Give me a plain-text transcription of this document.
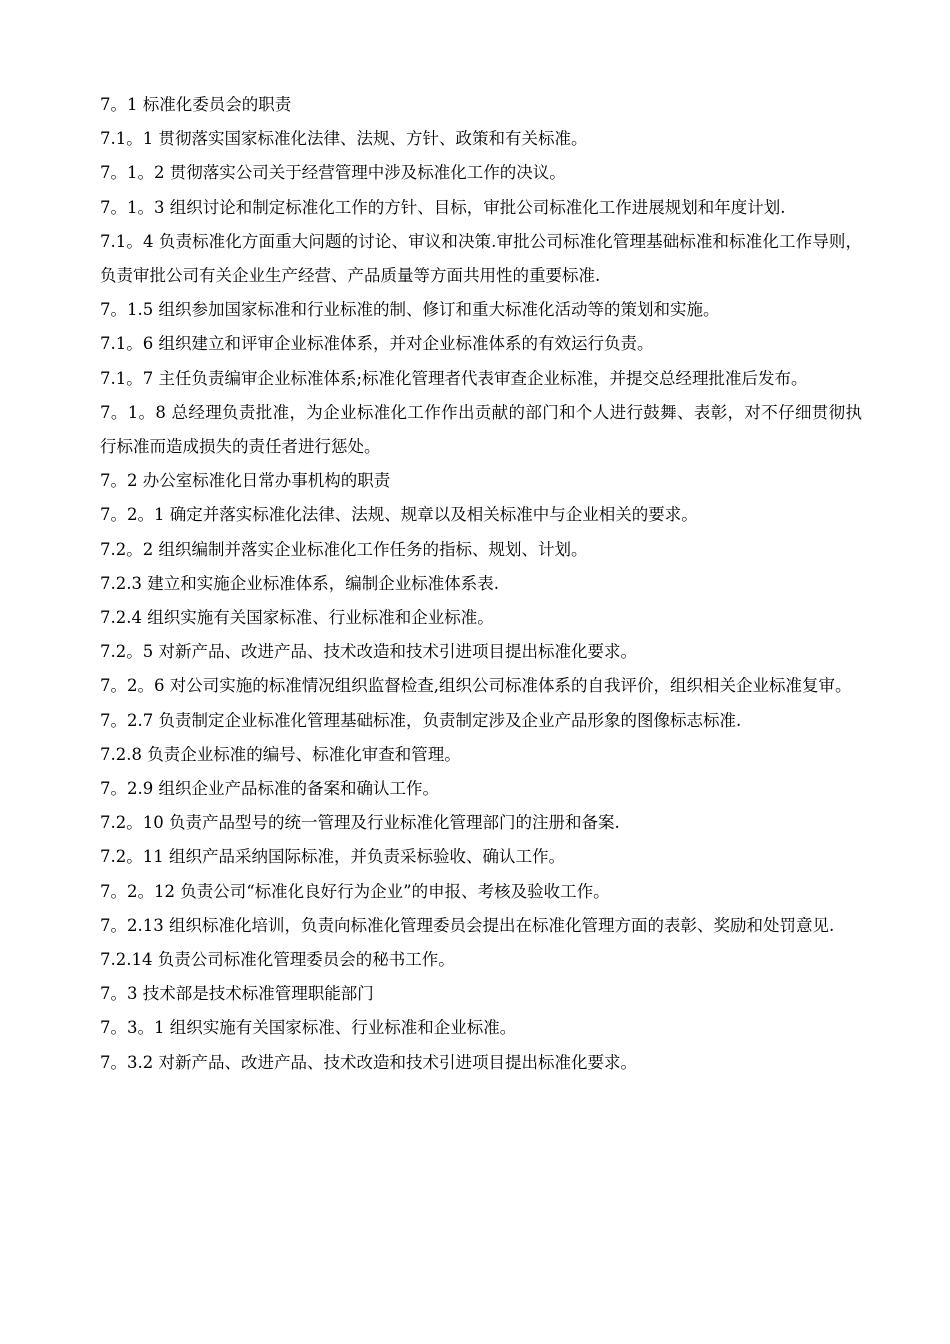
7。1 标准化委员会的职责

7.1。1 贯彻落实国家标准化法律、法规、方针、政策和有关标准。

7。1。2 贯彻落实公司关于经营管理中涉及标准化工作的决议。

7。1。3 组织讨论和制定标准化工作的方针、目标，审批公司标准化工作进展规划和年度计划.

7.1。4 负责标准化方面重大问题的讨论、审议和决策.审批公司标准化管理基础标准和标准化工作导则，负责审批公司有关企业生产经营、产品质量等方面共用性的重要标准.

7。1.5 组织参加国家标准和行业标准的制、修订和重大标准化活动等的策划和实施。

7.1。6 组织建立和评审企业标准体系，并对企业标准体系的有效运行负责。

7.1。7 主任负责编审企业标准体系;标准化管理者代表审查企业标准，并提交总经理批准后发布。

7。1。8 总经理负责批准，为企业标准化工作作出贡献的部门和个人进行鼓舞、表彰，对不仔细贯彻执行标准而造成损失的责任者进行惩处。

7。2 办公室标准化日常办事机构的职责

7。2。1 确定并落实标准化法律、法规、规章以及相关标准中与企业相关的要求。

7.2。2 组织编制并落实企业标准化工作任务的指标、规划、计划。

7.2.3 建立和实施企业标准体系，编制企业标准体系表.

7.2.4 组织实施有关国家标准、行业标准和企业标准。

7.2。5 对新产品、改进产品、技术改造和技术引进项目提出标准化要求。

7。2。6 对公司实施的标准情况组织监督检查,组织公司标准体系的自我评价，组织相关企业标准复审。

7。2.7 负责制定企业标准化管理基础标准，负责制定涉及企业产品形象的图像标志标准.

7.2.8 负责企业标准的编号、标准化审查和管理。

7。2.9 组织企业产品标准的备案和确认工作。

7.2。10 负责产品型号的统一管理及行业标准化管理部门的注册和备案.

7.2。11 组织产品采纳国际标准，并负责采标验收、确认工作。

7。2。12 负责公司“标准化良好行为企业”的申报、考核及验收工作。

7。2.13 组织标准化培训，负责向标准化管理委员会提出在标准化管理方面的表彰、奖励和处罚意见.

7.2.14 负责公司标准化管理委员会的秘书工作。

7。3 技术部是技术标准管理职能部门

7。3。1 组织实施有关国家标准、行业标准和企业标准。

7。3.2 对新产品、改进产品、技术改造和技术引进项目提出标准化要求。
